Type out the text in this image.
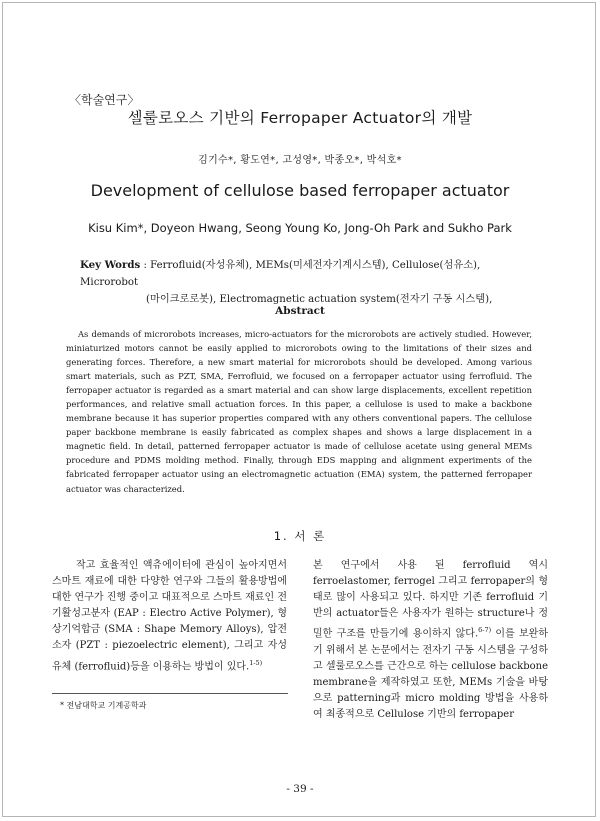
〈학술연구〉
셀룰로오스 기반의 Ferropaper Actuator의 개발
김기수*, 황도연*, 고성영*, 박종오*, 박석호*
Development of cellulose based ferropaper actuator
Kisu Kim*, Doyeon Hwang, Seong Young Ko, Jong-Oh Park and Sukho Park
Key Words : Ferrofluid(자성유체), MEMs(미세전자기계시스템), Cellulose(섬유소), Microrobot
(마이크로로봇), Electromagnetic actuation system(전자기 구동 시스템),
Abstract

As demands of microrobots increases, micro-actuators for the microrobots are actively studied. However, miniaturized motors cannot be easily applied to microrobots owing to the limitations of their sizes and generating forces. Therefore, a new smart material for microrobots should be developed. Among various smart materials, such as PZT, SMA, Ferrofluid, we focused on a ferropaper actuator using ferrofluid. The ferropaper actuator is regarded as a smart material and can show large displacements, excellent repetition performances, and relative small actuation forces. In this paper, a cellulose is used to make a backbone membrane because it has superior properties compared with any others conventional papers. The cellulose paper backbone membrane is easily fabricated as complex shapes and shows a large displacement in a magnetic field. In detail, patterned ferropaper actuator is made of cellulose acetate using general MEMs procedure and PDMS molding method. Finally, through EDS mapping and alignment experiments of the fabricated ferropaper actuator using an electromagnetic actuation (EMA) system, the patterned ferropaper actuator was characterized.

1. 서 론

작고 효율적인 액츄에이터에 관심이 높아지면서 스마트 재료에 대한 다양한 연구와 그들의 활용방법에 대한 연구가 진행 중이고 대표적으로 스마트 재료인 전기활성고분자 (EAP : Electro Active Polymer), 형상기억합금 (SMA : Shape Memory Alloys), 압전소자 (PZT : piezoelectric element), 그리고 자성유체 (ferrofluid)등을 이용하는 방법이 있다.$^{1-5)}$

본 연구에서 사용 된 ferrofluid 역시 ferroelastomer, ferrogel 그리고 ferropaper의 형태로 많이 사용되고 있다. 하지만 기존 ferrofluid 기반의 actuator들은 사용자가 원하는 structure나 정밀한 구조를 만들기에 용이하지 않다.$^{6-7)}$ 이를 보완하기 위해서 본 논문에서는 전자기 구동 시스템을 구성하고 셀룰로오스를 근간으로 하는 cellulose backbone membrane을 제작하였고 또한, MEMs 기술을 바탕으로 patterning과 micro molding 방법을 사용하여 최종적으로 Cellulose 기반의 ferropaper

* 전남대학교 기계공학과
- 39 -
